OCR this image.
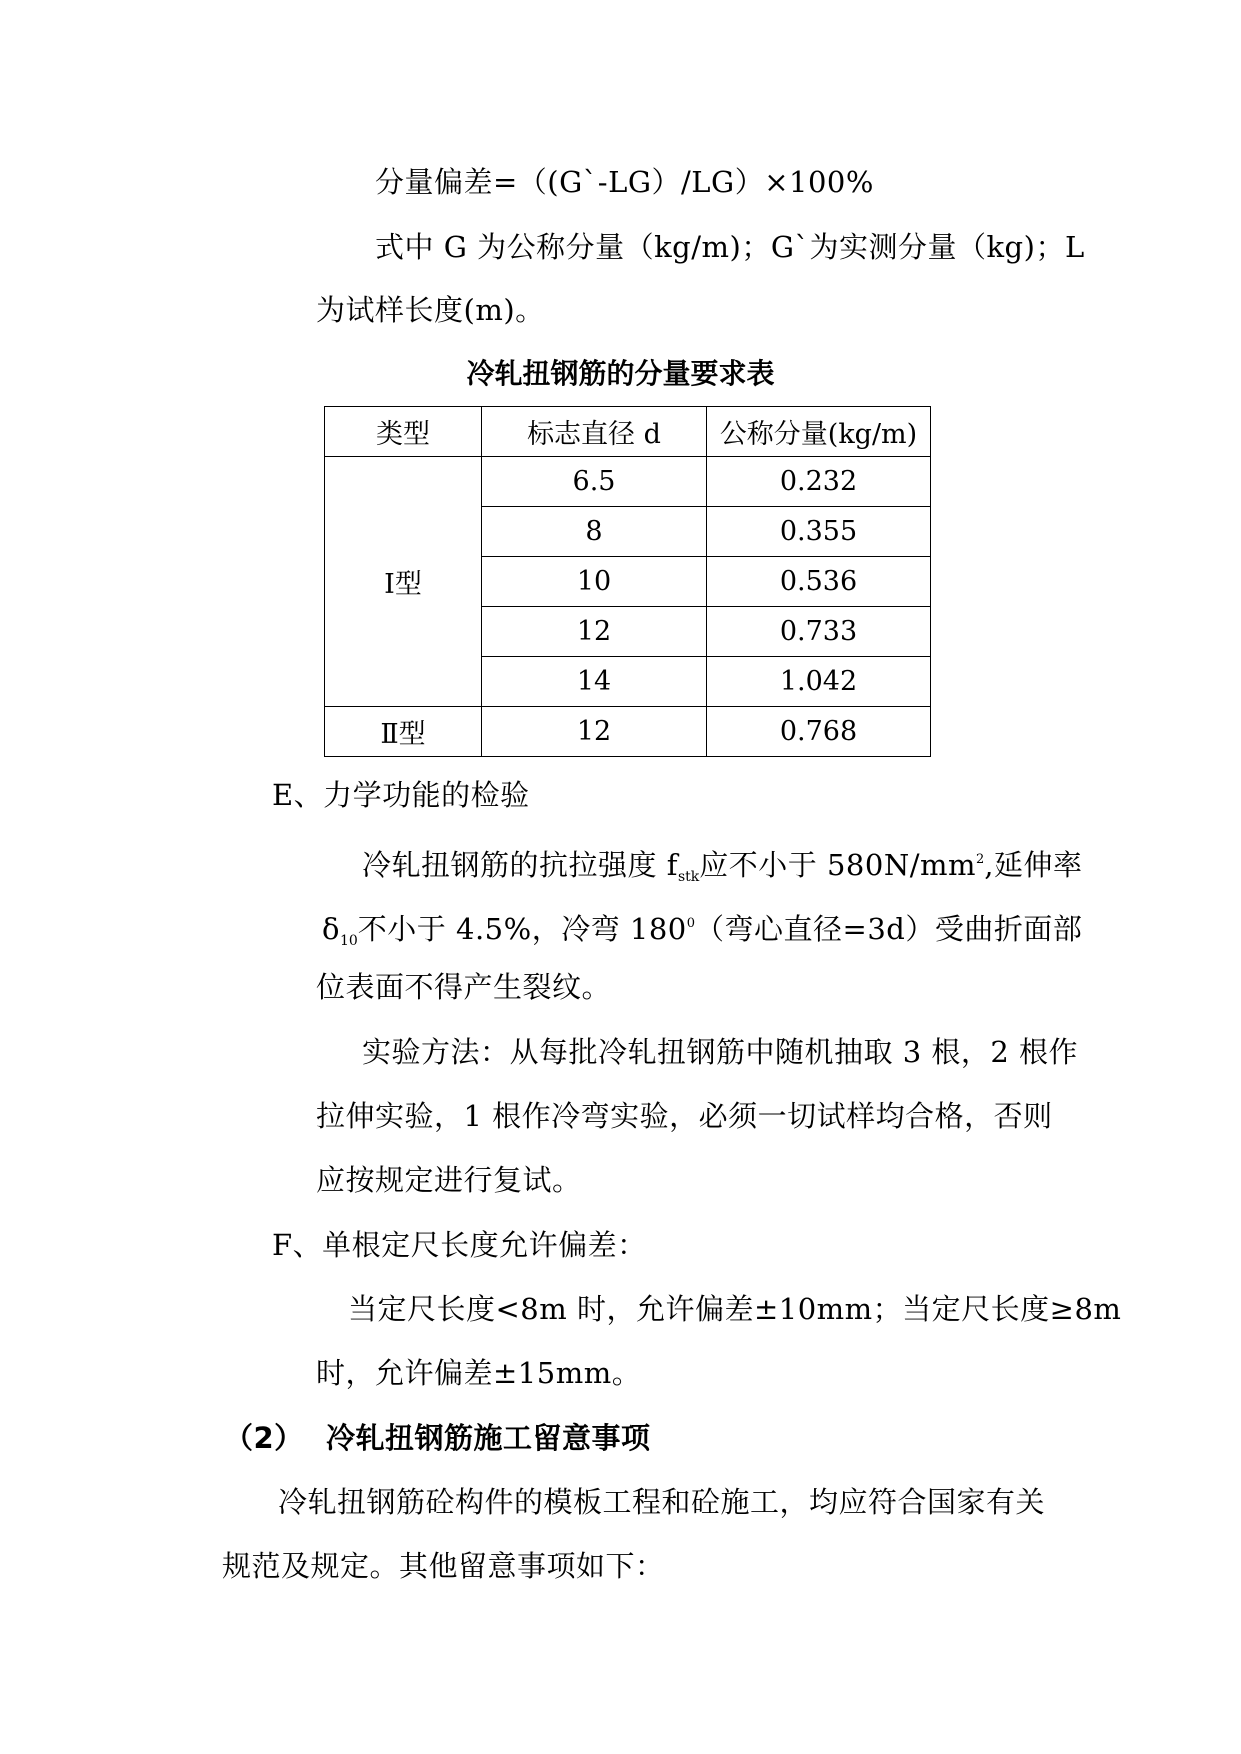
分量偏差=（(G`-LG）/LG）×100%
式中 G 为公称分量（kg/m)；G`为实测分量（kg)；L
为试样长度(m)。
冷轧扭钢筋的分量要求表
类型	标志直径 d	公称分量(kg/m)
Ⅰ型	6.5	0.232
	8	0.355
	10	0.536
	12	0.733
	14	1.042
Ⅱ型	12	0.768
E、力学功能的检验
冷轧扭钢筋的抗拉强度 $f_{stk}$应不小于 $580N/mm^2$,延伸率
$\delta_{10}$不小于 4.5%，冷弯 $180^0$（弯心直径=3d）受曲折面部
位表面不得产生裂纹。
实验方法：从每批冷轧扭钢筋中随机抽取 3 根，2 根作
拉伸实验，1 根作冷弯实验，必须一切试样均合格，否则
应按规定进行复试。
F、单根定尺长度允许偏差：
当定尺长度<8m 时，允许偏差±10mm；当定尺长度≥8m
时，允许偏差±15mm。
（2） 冷轧扭钢筋施工留意事项
冷轧扭钢筋砼构件的模板工程和砼施工，均应符合国家有关
规范及规定。其他留意事项如下：
